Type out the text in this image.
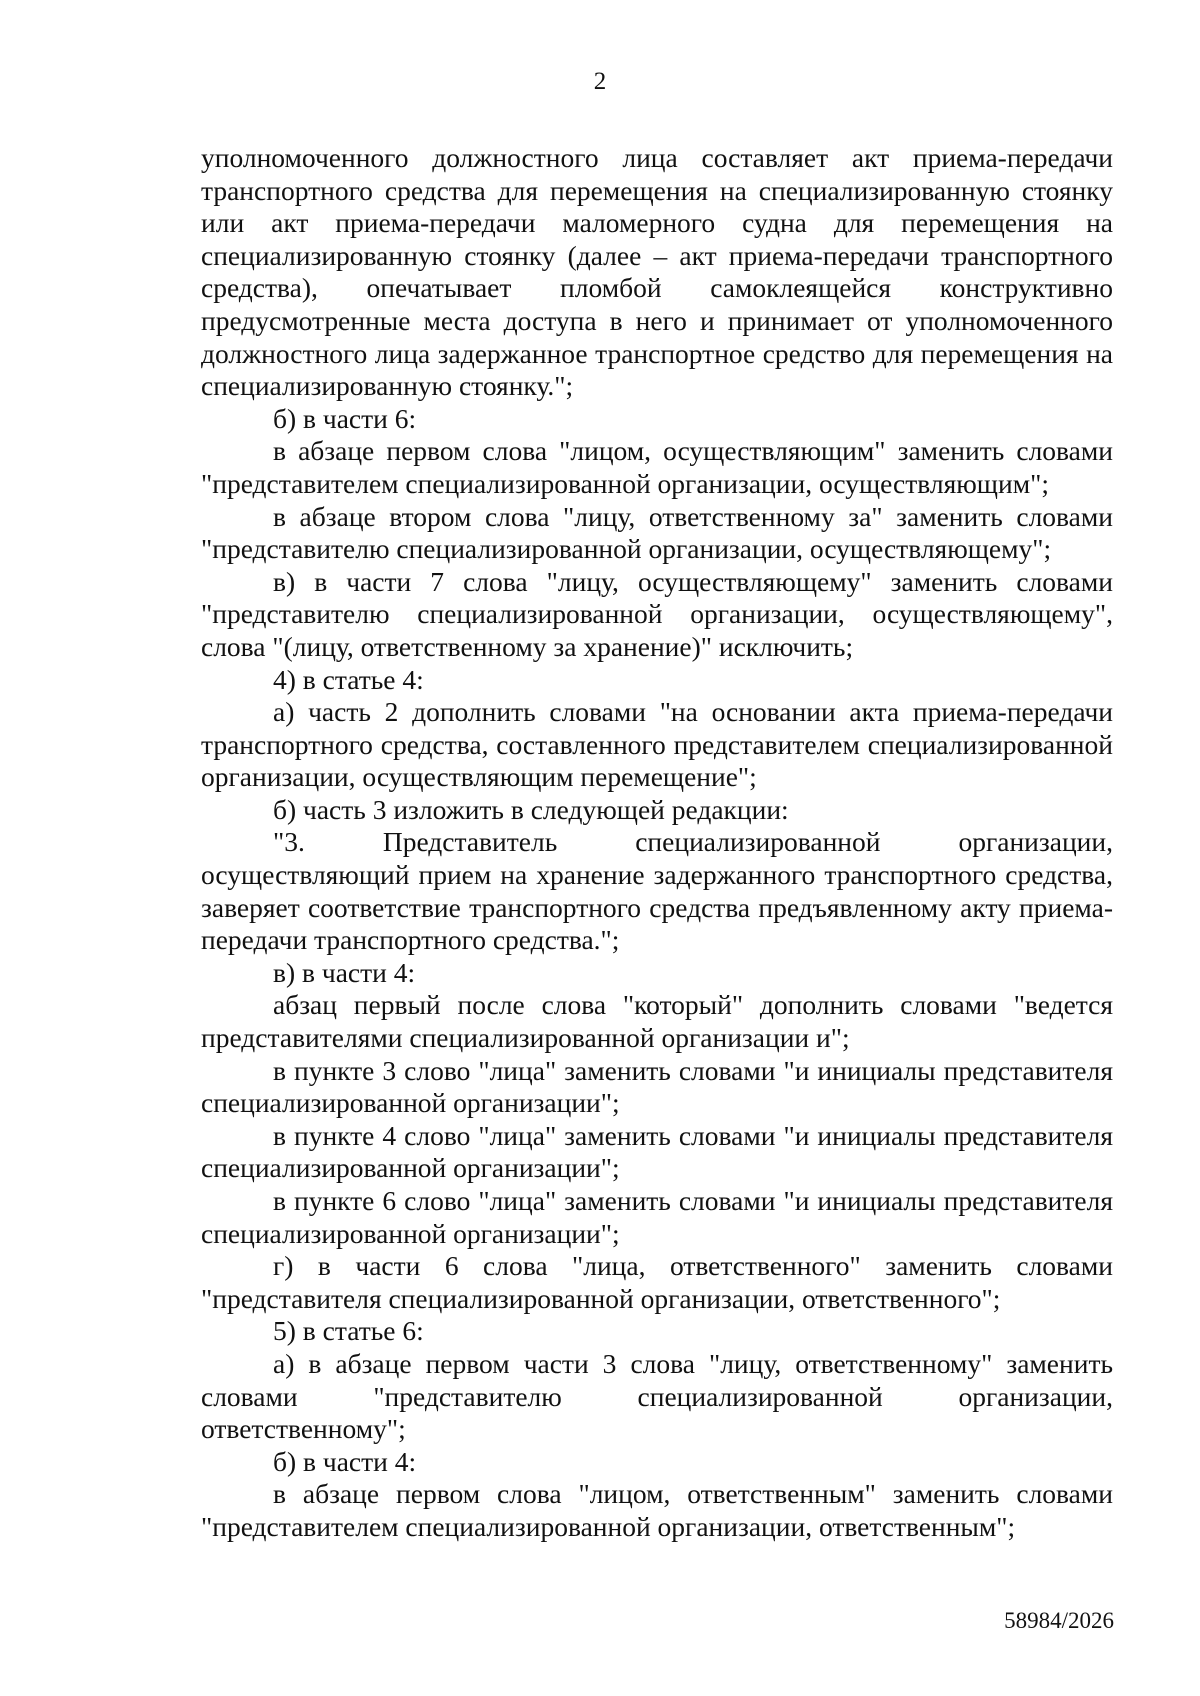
2

уполномоченного должностного лица составляет акт приема-передачи транспортного средства для перемещения на специализированную стоянку или акт приема-передачи маломерного судна для перемещения на специализированную стоянку (далее – акт приема-передачи транспортного средства), опечатывает пломбой самоклеящейся конструктивно предусмотренные места доступа в него и принимает от уполномоченного должностного лица задержанное транспортное средство для перемещения на специализированную стоянку.";

б) в части 6:

в абзаце первом слова "лицом, осуществляющим" заменить словами "представителем специализированной организации, осуществляющим";

в абзаце втором слова "лицу, ответственному за" заменить словами "представителю специализированной организации, осуществляющему";

в) в части 7 слова "лицу, осуществляющему" заменить словами "представителю специализированной организации, осуществляющему", слова "(лицу, ответственному за хранение)" исключить;

4) в статье 4:

а) часть 2 дополнить словами "на основании акта приема-передачи транспортного средства, составленного представителем специализированной организации, осуществляющим перемещение";

б) часть 3 изложить в следующей редакции:

"3. Представитель специализированной организации, осуществляющий прием на хранение задержанного транспортного средства, заверяет соответствие транспортного средства предъявленному акту приема-передачи транспортного средства.";

в) в части 4:

абзац первый после слова "который" дополнить словами "ведется представителями специализированной организации и";

в пункте 3 слово "лица" заменить словами "и инициалы представителя специализированной организации";

в пункте 4 слово "лица" заменить словами "и инициалы представителя специализированной организации";

в пункте 6 слово "лица" заменить словами "и инициалы представителя специализированной организации";

г) в части 6 слова "лица, ответственного" заменить словами "представителя специализированной организации, ответственного";

5) в статье 6:

а) в абзаце первом части 3 слова "лицу, ответственному" заменить словами "представителю специализированной организации, ответственному";

б) в части 4:

в абзаце первом слова "лицом, ответственным" заменить словами "представителем специализированной организации, ответственным";

58984/2026
